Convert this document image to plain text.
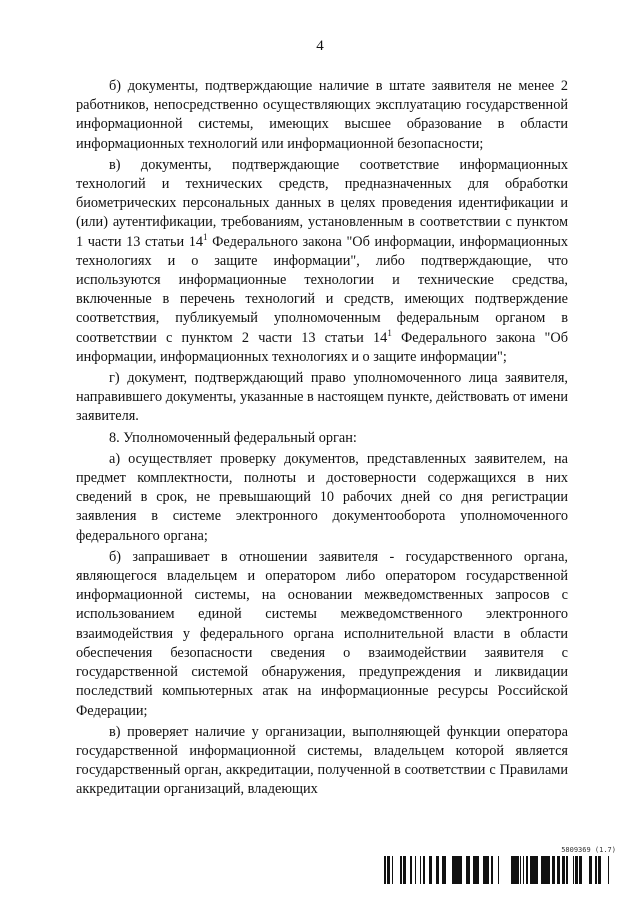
4

б) документы, подтверждающие наличие в штате заявителя не менее 2 работников, непосредственно осуществляющих эксплуатацию государственной информационной системы, имеющих высшее образование в области информационных технологий или информационной безопасности;

в) документы, подтверждающие соответствие информационных технологий и технических средств, предназначенных для обработки биометрических персональных данных в целях проведения идентификации и (или) аутентификации, требованиям, установленным в соответствии с пунктом 1 части 13 статьи $14^1$ Федерального закона "Об информации, информационных технологиях и о защите информации", либо подтверждающие, что используются информационные технологии и технические средства, включенные в перечень технологий и средств, имеющих подтверждение соответствия, публикуемый уполномоченным федеральным органом в соответствии с пунктом 2 части 13 статьи $14^1$ Федерального закона "Об информации, информационных технологиях и о защите информации";

г) документ, подтверждающий право уполномоченного лица заявителя, направившего документы, указанные в настоящем пункте, действовать от имени заявителя.

8. Уполномоченный федеральный орган:

а) осуществляет проверку документов, представленных заявителем, на предмет комплектности, полноты и достоверности содержащихся в них сведений в срок, не превышающий 10 рабочих дней со дня регистрации заявления в системе электронного документооборота уполномоченного федерального органа;

б) запрашивает в отношении заявителя - государственного органа, являющегося владельцем и оператором либо оператором государственной информационной системы, на основании межведомственных запросов с использованием единой системы межведомственного электронного взаимодействия у федерального органа исполнительной власти в области обеспечения безопасности сведения о взаимодействии заявителя с государственной системой обнаружения, предупреждения и ликвидации последствий компьютерных атак на информационные ресурсы Российской Федерации;

в) проверяет наличие у организации, выполняющей функции оператора государственной информационной системы, владельцем которой является государственный орган, аккредитации, полученной в соответствии с Правилами аккредитации организаций, владеющих

5809369 (1.7)
